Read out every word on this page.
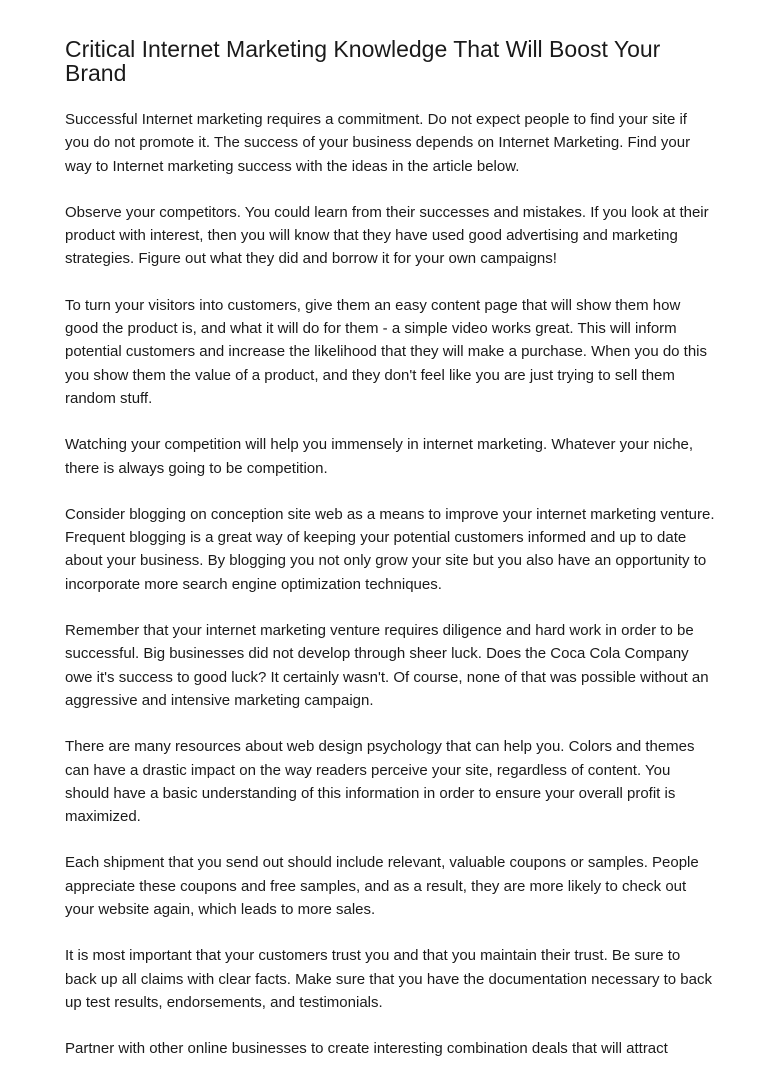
Critical Internet Marketing Knowledge That Will Boost Your Brand

Successful Internet marketing requires a commitment. Do not expect people to find your site if you do not promote it. The success of your business depends on Internet Marketing. Find your way to Internet marketing success with the ideas in the article below.

Observe your competitors. You could learn from their successes and mistakes. If you look at their product with interest, then you will know that they have used good advertising and marketing strategies. Figure out what they did and borrow it for your own campaigns!

To turn your visitors into customers, give them an easy content page that will show them how good the product is, and what it will do for them - a simple video works great. This will inform potential customers and increase the likelihood that they will make a purchase. When you do this you show them the value of a product, and they don't feel like you are just trying to sell them random stuff.

Watching your competition will help you immensely in internet marketing. Whatever your niche, there is always going to be competition.

Consider blogging on conception site web as a means to improve your internet marketing venture. Frequent blogging is a great way of keeping your potential customers informed and up to date about your business. By blogging you not only grow your site but you also have an opportunity to incorporate more search engine optimization techniques.

Remember that your internet marketing venture requires diligence and hard work in order to be successful. Big businesses did not develop through sheer luck. Does the Coca Cola Company owe it's success to good luck? It certainly wasn't. Of course, none of that was possible without an aggressive and intensive marketing campaign.

There are many resources about web design psychology that can help you. Colors and themes can have a drastic impact on the way readers perceive your site, regardless of content. You should have a basic understanding of this information in order to ensure your overall profit is maximized.

Each shipment that you send out should include relevant, valuable coupons or samples. People appreciate these coupons and free samples, and as a result, they are more likely to check out your website again, which leads to more sales.

It is most important that your customers trust you and that you maintain their trust. Be sure to back up all claims with clear facts. Make sure that you have the documentation necessary to back up test results, endorsements, and testimonials.

Partner with other online businesses to create interesting combination deals that will attract
